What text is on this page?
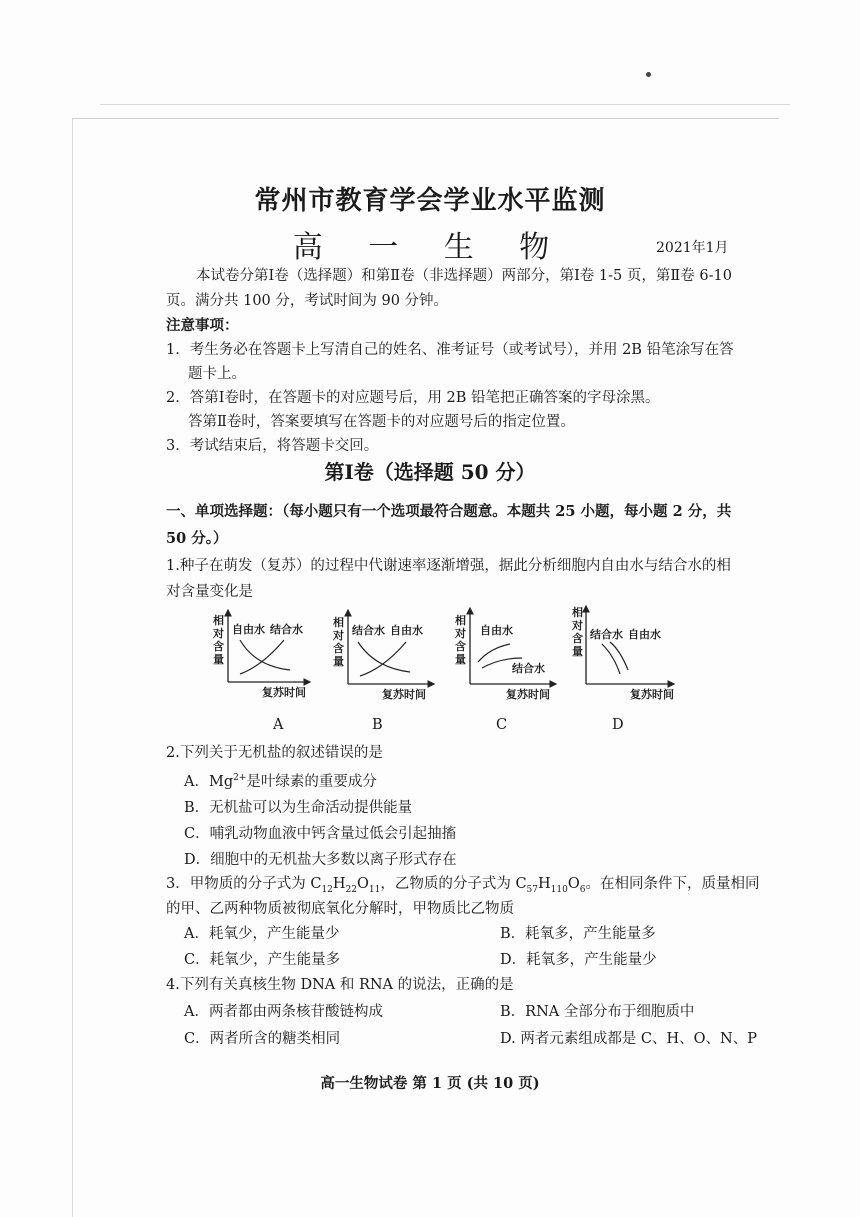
常州市教育学会学业水平监测
高 一 生 物	2021年1月
本试卷分第Ⅰ卷（选择题）和第Ⅱ卷（非选择题）两部分，第Ⅰ卷 1-5 页，第Ⅱ卷 6-10
页。满分共 100 分，考试时间为 90 分钟。
注意事项：
1．考生务必在答题卡上写清自己的姓名、准考证号（或考试号），并用 2B 铅笔涂写在答
题卡上。
2．答第Ⅰ卷时，在答题卡的对应题号后，用 2B 铅笔把正确答案的字母涂黑。
答第Ⅱ卷时，答案要填写在答题卡的对应题号后的指定位置。
3．考试结束后，将答题卡交回。
第Ⅰ卷（选择题 50 分）
一、单项选择题：（每小题只有一个选项最符合题意。本题共 25 小题，每小题 2 分，共
50 分。）
1.种子在萌发（复苏）的过程中代谢速率逐渐增强，据此分析细胞内自由水与结合水的相
对含量变化是
相
对
含
量
自由水 结合水
复苏时间
相
对
含
量
结合水 自由水
复苏时间
相
对
含
量
自由水
结合水
复苏时间
相
对
含
量
结合水 自由水
复苏时间
A	B	C	D
2.下列关于无机盐的叙述错误的是
A．$Mg^{2+}$是叶绿素的重要成分
B．无机盐可以为生命活动提供能量
C．哺乳动物血液中钙含量过低会引起抽搐
D．细胞中的无机盐大多数以离子形式存在
3．甲物质的分子式为 $C_{12}H_{22}O_{11}$，乙物质的分子式为 $C_{57}H_{110}O_6$。在相同条件下，质量相同
的甲、乙两种物质被彻底氧化分解时，甲物质比乙物质
A．耗氧少，产生能量少	B．耗氧多，产生能量多
C．耗氧少，产生能量多	D．耗氧多，产生能量少
4.下列有关真核生物 DNA 和 RNA 的说法，正确的是
A．两者都由两条核苷酸链构成	B．RNA 全部分布于细胞质中
C．两者所含的糖类相同	D. 两者元素组成都是 C、H、O、N、P
高一生物试卷 第 1 页 (共 10 页)
